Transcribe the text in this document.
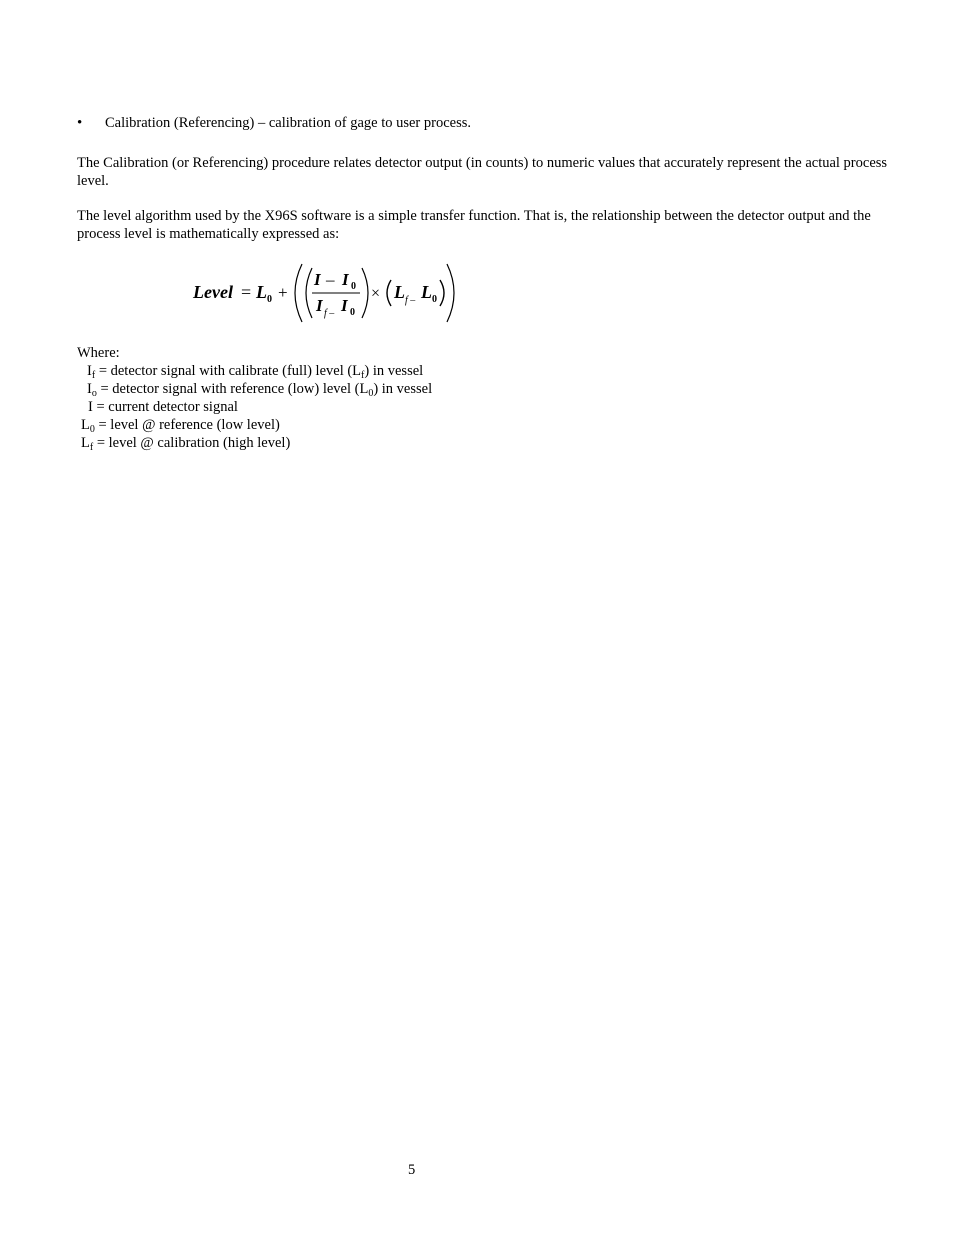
• Calibration (Referencing) – calibration of gage to user process.
The Calibration (or Referencing) procedure relates detector output (in counts) to numeric values that accurately represent the actual process level.
The level algorithm used by the X96S software is a simple transfer function. That is, the relationship between the detector output and the process level is mathematically expressed as:
Level = L 0 +
I – I 0
I f – I 0
× L f – L 0
Where:
$I_f$ = detector signal with calibrate (full) level $(L_f)$ in vessel
$I_o$ = detector signal with reference (low) level $(L_0)$ in vessel
I = current detector signal
$L_0$ = level @ reference (low level)
$L_f$ = level @ calibration (high level)
5
